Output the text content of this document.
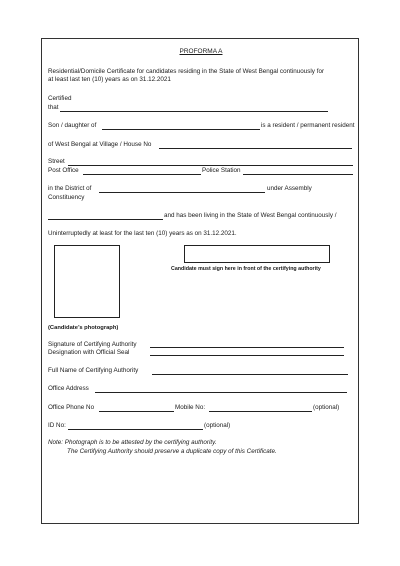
PROFORMA A
Residential/Domicile Certificate for candidates residing in the State of West Bengal continuously for
at least last ten (10) years as on 31.12.2021
Certified
that
Son / daughter of	is a resident / permanent resident
of West Bengal at Village / House No
Street
Post Office	Police Station
in the District of	under Assembly
Constituency
and has been living in the State of West Bengal continuously /
Uninterruptedly at least for the last ten (10) years as on 31.12.2021.
Candidate must sign here in front of the certifying authority
(Candidate’s photograph)
Signature of Certifying Authority
Designation with Official Seal
Full Name of Certifying Authority
Office Address
Office Phone No	Mobile No:	(optional)
ID No:	(optional)
Note: Photograph is to be attested by the certifying authority.
The Certifying Authority should preserve a duplicate copy of this Certificate.
